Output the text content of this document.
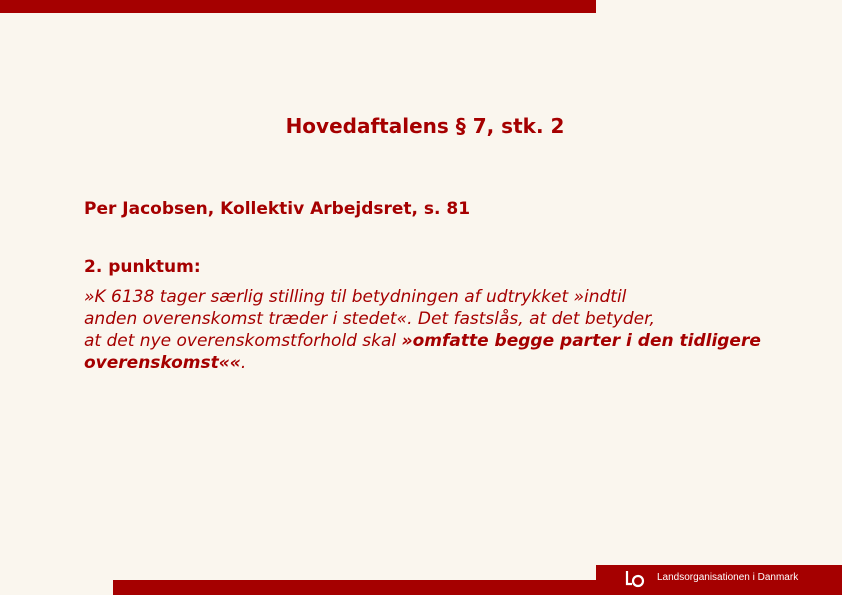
Hovedaftalens § 7, stk. 2
Per Jacobsen, Kollektiv Arbejdsret, s. 81
2. punktum:
»K 6138 tager særlig stilling til betydningen af udtrykket »indtil
anden overenskomst træder i stedet«. Det fastslås, at det betyder,
at det nye overenskomstforhold skal »omfatte begge parter i den tidligere overenskomst««.
Landsorganisationen i Danmark
